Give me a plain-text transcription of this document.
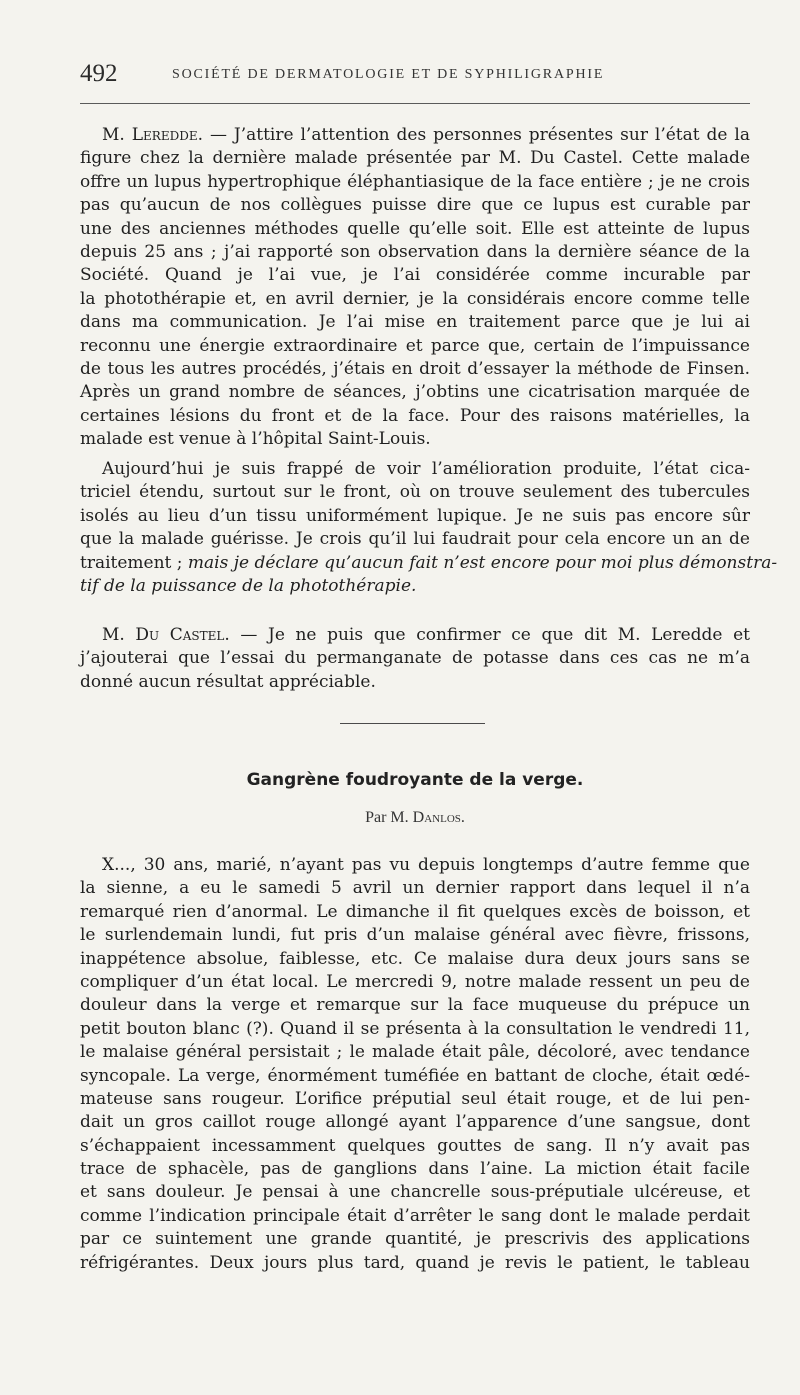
492	SOCIÉTÉ DE DERMATOLOGIE ET DE SYPHILIGRAPHIE
M. Leredde. — J’attire l’attention des personnes présentes sur l’état de la
figure chez la dernière malade présentée par M. Du Castel. Cette malade
offre un lupus hypertrophique éléphantiasique de la face entière ; je ne crois
pas qu’aucun de nos collègues puisse dire que ce lupus est curable par
une des anciennes méthodes quelle qu’elle soit. Elle est atteinte de lupus
depuis 25 ans ; j’ai rapporté son observation dans la dernière séance de la
Société. Quand je l’ai vue, je l’ai considérée comme incurable par
la photothérapie et, en avril dernier, je la considérais encore comme telle
dans ma communication. Je l’ai mise en traitement parce que je lui ai
reconnu une énergie extraordinaire et parce que, certain de l’impuissance
de tous les autres procédés, j’étais en droit d’essayer la méthode de Finsen.
Après un grand nombre de séances, j’obtins une cicatrisation marquée de
certaines lésions du front et de la face. Pour des raisons matérielles, la
malade est venue à l’hôpital Saint-Louis.
Aujourd’hui je suis frappé de voir l’amélioration produite, l’état cica-
triciel étendu, surtout sur le front, où on trouve seulement des tubercules
isolés au lieu d’un tissu uniformément lupique. Je ne suis pas encore sûr
que la malade guérisse. Je crois qu’il lui faudrait pour cela encore un an de
traitement ; mais je déclare qu’aucun fait n’est encore pour moi plus démonstra-
tif de la puissance de la photothérapie.
M. Du Castel. — Je ne puis que confirmer ce que dit M. Leredde et
j’ajouterai que l’essai du permanganate de potasse dans ces cas ne m’a
donné aucun résultat appréciable.
Gangrène foudroyante de la verge.
Par M. Danlos.
X..., 30 ans, marié, n’ayant pas vu depuis longtemps d’autre femme que
la sienne, a eu le samedi 5 avril un dernier rapport dans lequel il n’a
remarqué rien d’anormal. Le dimanche il fit quelques excès de boisson, et
le surlendemain lundi, fut pris d’un malaise général avec fièvre, frissons,
inappétence absolue, faiblesse, etc. Ce malaise dura deux jours sans se
compliquer d’un état local. Le mercredi 9, notre malade ressent un peu de
douleur dans la verge et remarque sur la face muqueuse du prépuce un
petit bouton blanc (?). Quand il se présenta à la consultation le vendredi 11,
le malaise général persistait ; le malade était pâle, décoloré, avec tendance
syncopale. La verge, énormément tuméfiée en battant de cloche, était œdé-
mateuse sans rougeur. L’orifice préputial seul était rouge, et de lui pen-
dait un gros caillot rouge allongé ayant l’apparence d’une sangsue, dont
s’échappaient incessamment quelques gouttes de sang. Il n’y avait pas
trace de sphacèle, pas de ganglions dans l’aine. La miction était facile
et sans douleur. Je pensai à une chancrelle sous-préputiale ulcéreuse, et
comme l’indication principale était d’arrêter le sang dont le malade perdait
par ce suintement une grande quantité, je prescrivis des applications
réfrigérantes. Deux jours plus tard, quand je revis le patient, le tableau
